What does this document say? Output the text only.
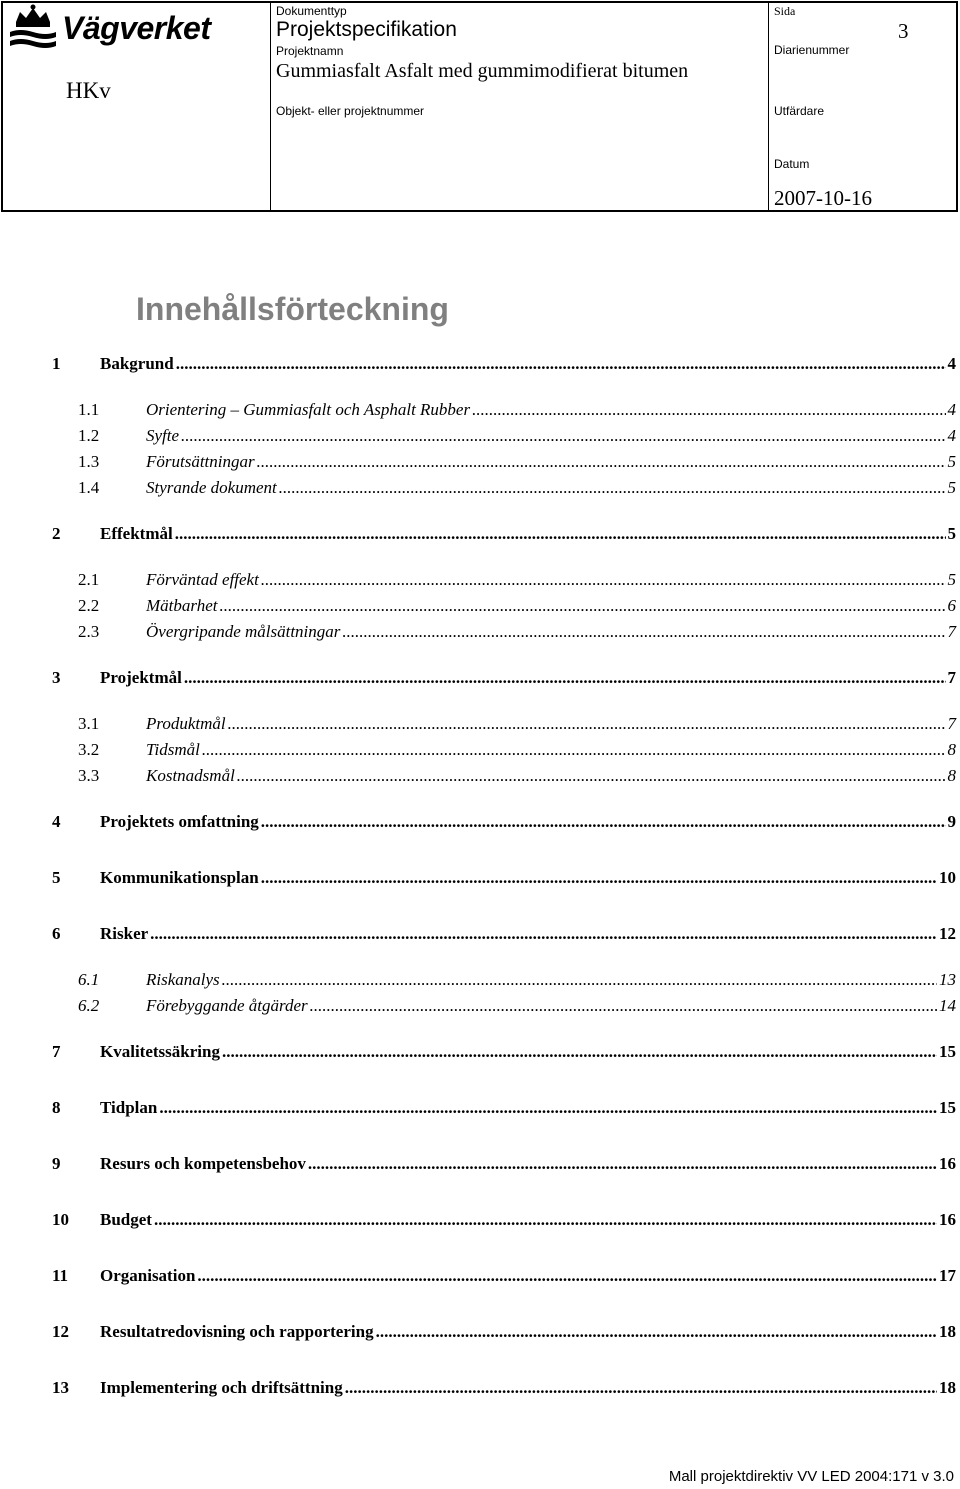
Vägverket
HKv
Dokumenttyp
Projektspecifikation
Projektnamn
Gummiasfalt Asfalt med gummimodifierat bitumen
Objekt- eller projektnummer
Sida
3
Diarienummer
Utfärdare
Datum
2007-10-16
Innehållsförteckning
1	Bakgrund .....	4
1.1	Orientering – Gummiasfalt och Asphalt Rubber .....	4
1.2	Syfte .....	4
1.3	Förutsättningar .....	5
1.4	Styrande dokument .....	5
2	Effektmål .....	5
2.1	Förväntad effekt .....	5
2.2	Mätbarhet .....	6
2.3	Övergripande målsättningar .....	7
3	Projektmål .....	7
3.1	Produktmål .....	7
3.2	Tidsmål .....	8
3.3	Kostnadsmål .....	8
4	Projektets omfattning .....	9
5	Kommunikationsplan .....	10
6	Risker .....	12
6.1	Riskanalys .....	13
6.2	Förebyggande åtgärder .....	14
7	Kvalitetssäkring .....	15
8	Tidplan .....	15
9	Resurs och kompetensbehov .....	16
10	Budget .....	16
11	Organisation .....	17
12	Resultatredovisning och rapportering .....	18
13	Implementering och driftsättning .....	18
Mall projektdirektiv VV LED 2004:171 v 3.0
